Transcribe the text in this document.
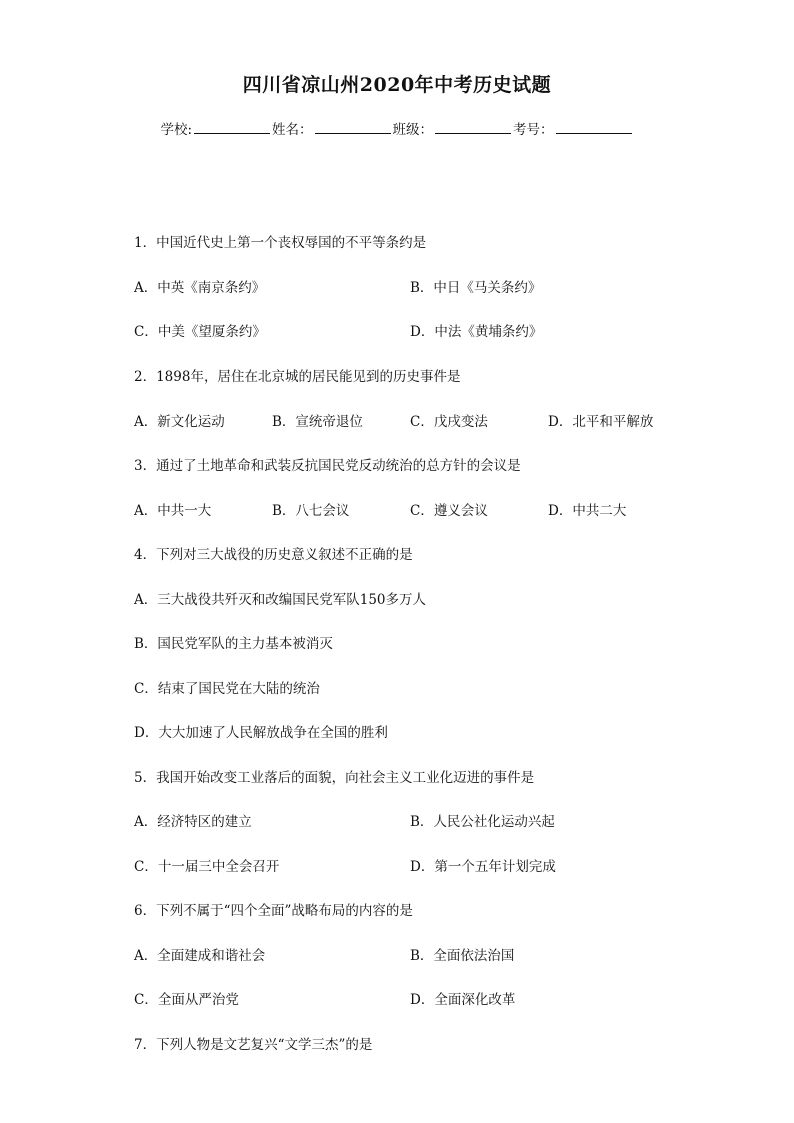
四川省凉山州2020年中考历史试题
学校:	姓名：	班级：	考号：
1．中国近代史上第一个丧权辱国的不平等条约是
A．中英《南京条约》	B．中日《马关条约》
C．中美《望厦条约》	D．中法《黄埔条约》
2．1898年，居住在北京城的居民能见到的历史事件是
A．新文化运动	B．宣统帝退位	C．戊戌变法	D．北平和平解放
3．通过了土地革命和武装反抗国民党反动统治的总方针的会议是
A．中共一大	B．八七会议	C．遵义会议	D．中共二大
4．下列对三大战役的历史意义叙述不正确的是
A．三大战役共歼灭和改编国民党军队150多万人
B．国民党军队的主力基本被消灭
C．结束了国民党在大陆的统治
D．大大加速了人民解放战争在全国的胜利
5．我国开始改变工业落后的面貌，向社会主义工业化迈进的事件是
A．经济特区的建立	B．人民公社化运动兴起
C．十一届三中全会召开	D．第一个五年计划完成
6．下列不属于“四个全面”战略布局的内容的是
A．全面建成和谐社会	B．全面依法治国
C．全面从严治党	D．全面深化改革
7．下列人物是文艺复兴“文学三杰”的是
